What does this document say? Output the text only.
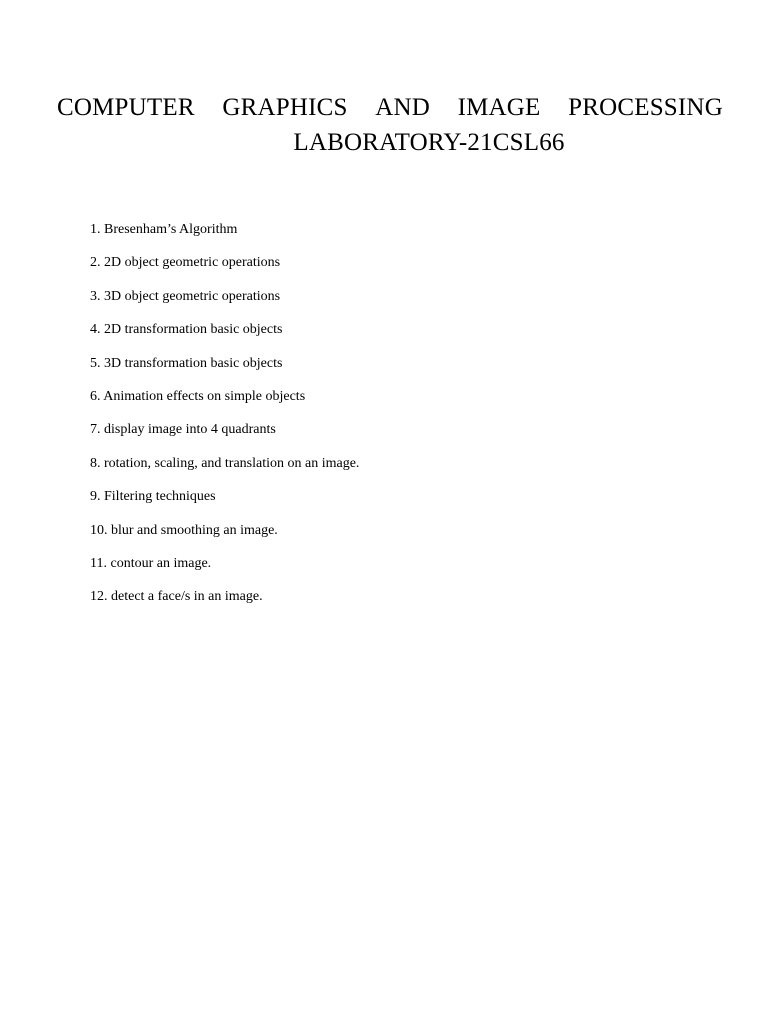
COMPUTER GRAPHICS AND IMAGE PROCESSING
LABORATORY-21CSL66
1. Bresenham’s Algorithm
2. 2D object geometric operations
3. 3D object geometric operations
4. 2D transformation basic objects
5. 3D transformation basic objects
6. Animation effects on simple objects
7. display image into 4 quadrants
8. rotation, scaling, and translation on an image.
9. Filtering techniques
10. blur and smoothing an image.
11. contour an image.
12. detect a face/s in an image.
